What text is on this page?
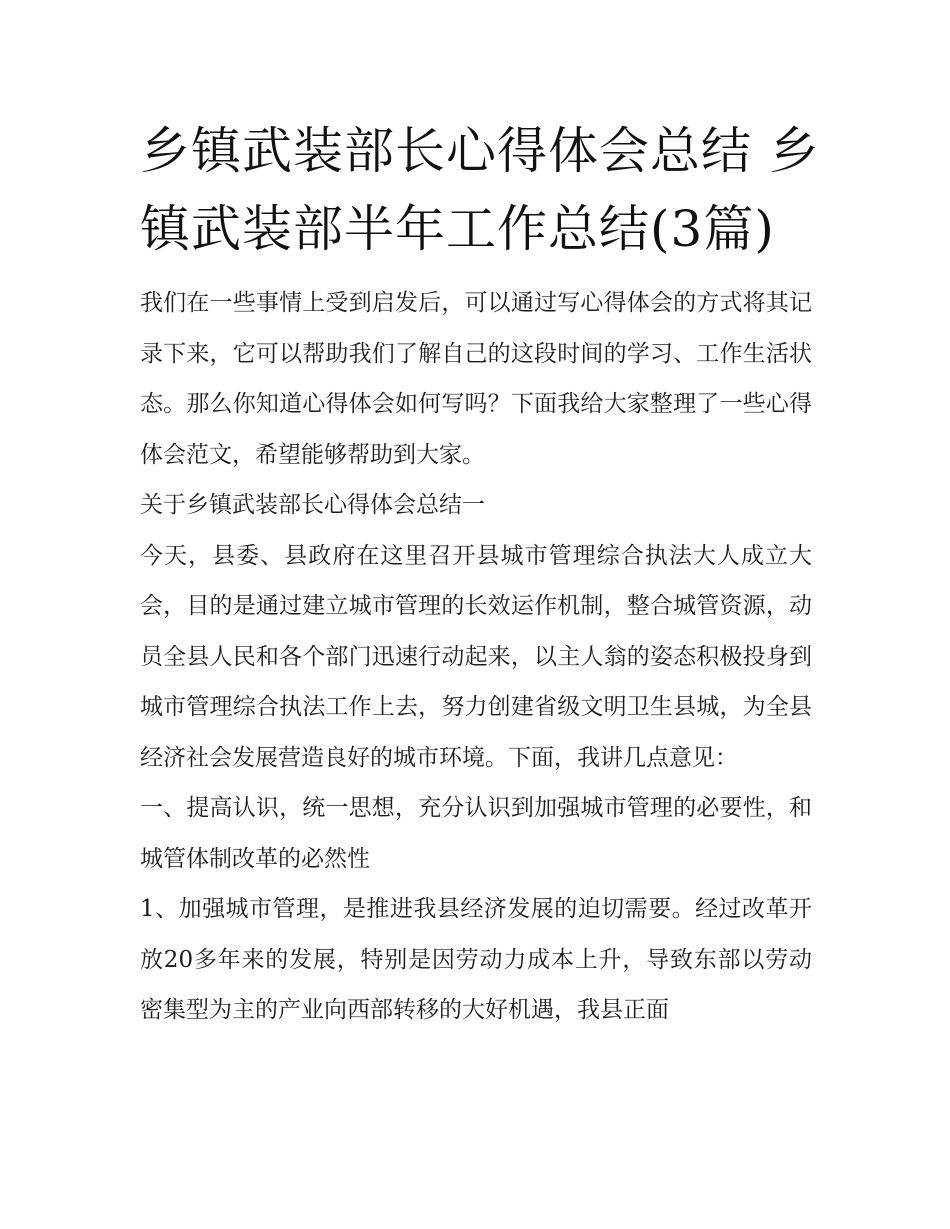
乡镇武装部长心得体会总结 乡镇武装部半年工作总结(3篇)

我们在一些事情上受到启发后，可以通过写心得体会的方式将其记录下来，它可以帮助我们了解自己的这段时间的学习、工作生活状态。那么你知道心得体会如何写吗？下面我给大家整理了一些心得体会范文，希望能够帮助到大家。

关于乡镇武装部长心得体会总结一

今天，县委、县政府在这里召开县城市管理综合执法大人成立大会，目的是通过建立城市管理的长效运作机制，整合城管资源，动员全县人民和各个部门迅速行动起来，以主人翁的姿态积极投身到城市管理综合执法工作上去，努力创建省级文明卫生县城，为全县经济社会发展营造良好的城市环境。下面，我讲几点意见：

一、提高认识，统一思想，充分认识到加强城市管理的必要性，和城管体制改革的必然性

1、加强城市管理，是推进我县经济发展的迫切需要。经过改革开放20多年来的发展，特别是因劳动力成本上升，导致东部以劳动密集型为主的产业向西部转移的大好机遇，我县正面
